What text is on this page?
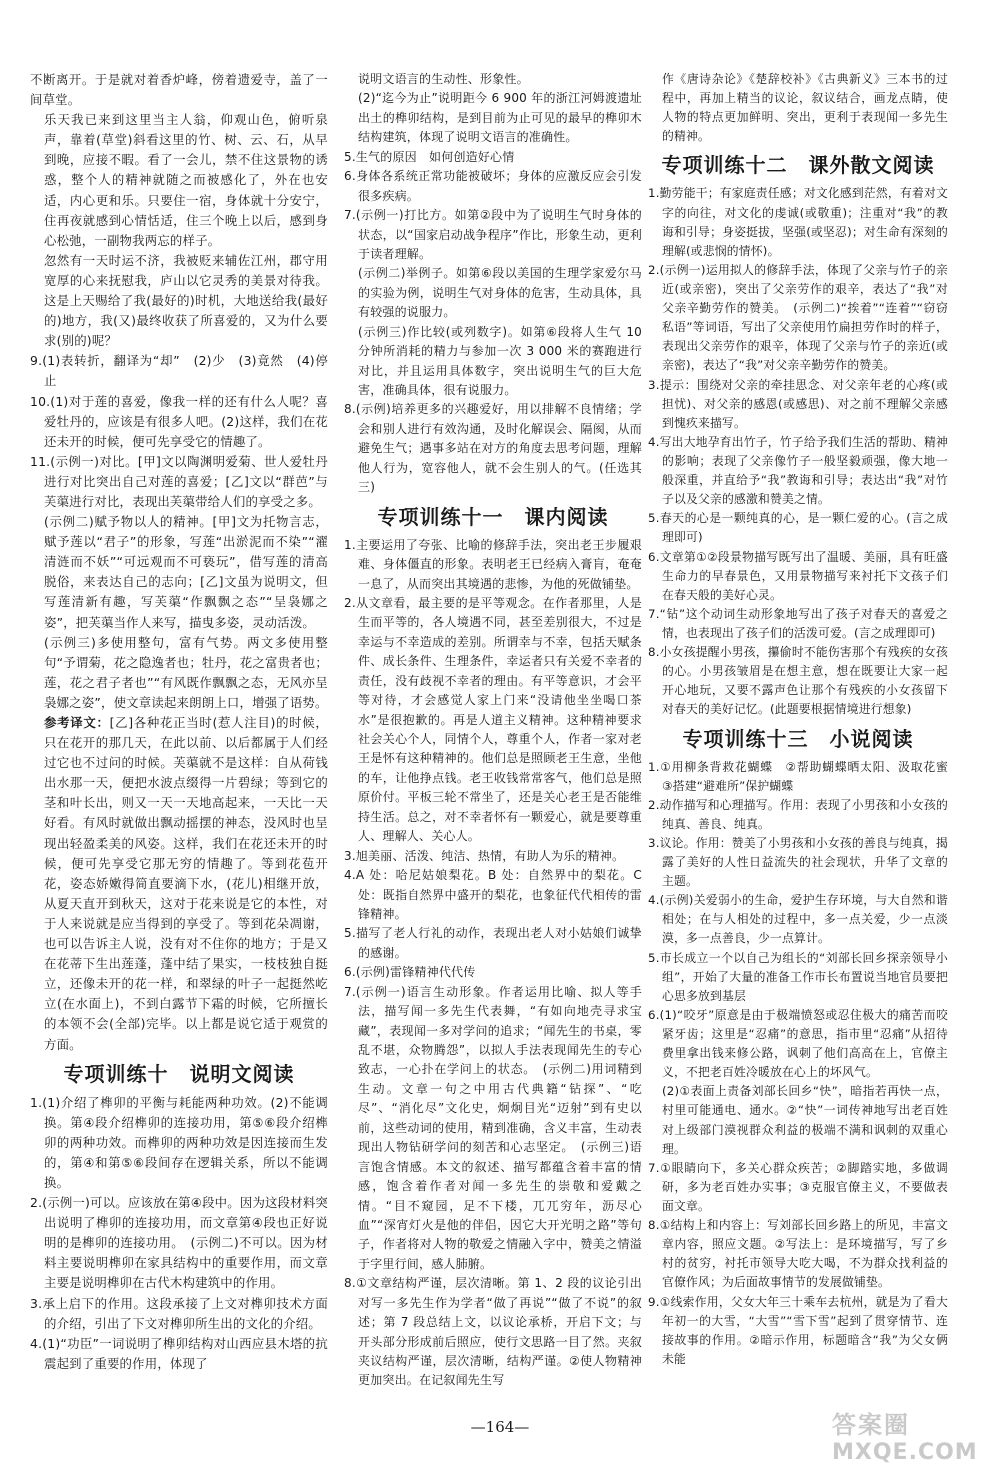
不断离开。于是就对着香炉峰，傍着遗爱寺，盖了一间草堂。

乐天我已来到这里当主人翁，仰观山色，俯听泉声，靠着(草堂)斜看这里的竹、树、云、石，从早到晚，应接不暇。看了一会儿，禁不住这景物的诱惑，整个人的精神就随之而被感化了，外在也安适，内心更和乐。只要住一宿，身体就十分安宁，住再夜就感到心情恬适，住三个晚上以后，感到身心松弛，一副物我两忘的样子。

忽然有一天时运不济，我被贬来辅佐江州，郡守用宽厚的心来抚慰我，庐山以它灵秀的美景对待我。这是上天赐给了我(最好的)时机，大地送给我(最好的)地方，我(又)最终收获了所喜爱的，又为什么要求(别的)呢？

9.(1)表转折，翻译为“却”　(2)少　(3)竟然　(4)停止

10.(1)对于莲的喜爱，像我一样的还有什么人呢？喜爱牡丹的，应该是有很多人吧。(2)这样，我们在花还未开的时候，便可先享受它的情趣了。

11.(示例一)对比。[甲]文以陶渊明爱菊、世人爱牡丹进行对比突出自己对莲的喜爱；[乙]文以“群芭”与芙蕖进行对比，表现出芙蕖带给人们的享受之多。

(示例二)赋予物以人的精神。[甲]文为托物言志，赋予莲以“君子”的形象，写莲“出淤泥而不染”“濯清涟而不妖”“可远观而不可亵玩”，借写莲的清高脱俗，来表达自己的志向；[乙]文虽为说明文，但写莲清新有趣，写芙蕖“作飘飘之态”“呈袅娜之姿”，把芙蕖当作人来写，描曳多姿，灵动活泼。

(示例三)多使用整句，富有气势。两文多使用整句“予谓菊，花之隐逸者也；牡丹，花之富贵者也；莲，花之君子者也”“有风既作飘飘之态，无风亦呈袅娜之姿”，使文章读起来朗朗上口，增强了语势。

参考译文：[乙]各种花正当时(惹人注目)的时候，只在花开的那几天，在此以前、以后都属于人们经过它也不过问的时候。芙蕖就不是这样：自从荷钱出水那一天，便把水波点缀得一片碧绿；等到它的茎和叶长出，则又一天一天地高起来，一天比一天好看。有风时就做出飘动摇摆的神态，没风时也呈现出轻盈柔美的风姿。这样，我们在花还未开的时候，便可先享受它那无穷的情趣了。等到花苞开花，姿态娇嫩得简直要滴下水，(花儿)相继开放，从夏天直开到秋天，这对于花来说是它的本性，对于人来说就是应当得到的享受了。等到花朵凋谢，也可以告诉主人说，没有对不住你的地方；于是又在花蒂下生出莲蓬，蓬中结了果实，一枝枝独自挺立，还像未开的花一样，和翠绿的叶子一起挺然屹立(在水面上)，不到白露节下霜的时候，它所擅长的本领不会(全部)完毕。以上都是说它适于观赏的方面。

专项训练十　说明文阅读

1.(1)介绍了榫卯的平衡与耗能两种功效。(2)不能调换。第④段介绍榫卯的连接功用，第⑤⑥段介绍榫卯的两种功效。而榫卯的两种功效是因连接而生发的，第④和第⑤⑥段间存在逻辑关系，所以不能调换。

2.(示例一)可以。应该放在第④段中。因为这段材料突出说明了榫卯的连接功用，而文章第④段也正好说明的是榫卯的连接功用。　(示例二)不可以。因为材料主要说明榫卯在家具结构中的重要作用，而文章主要是说明榫卯在古代木构建筑中的作用。

3.承上启下的作用。这段承接了上文对榫卯技术方面的介绍，引出了下文对榫卯所生出的文化的介绍。

4.(1)“功臣”一词说明了榫卯结构对山西应县木塔的抗震起到了重要的作用，体现了

说明文语言的生动性、形象性。

(2)“迄今为止”说明距今 6 900 年的浙江河姆渡遗址出土的榫卯结构，是到目前为止可见的最早的榫卯木结构建筑，体现了说明文语言的准确性。

5.生气的原因　如何创造好心情

6.身体各系统正常功能被破坏；身体的应激反应会引发很多疾病。

7.(示例一)打比方。如第②段中为了说明生气时身体的状态，以“国家启动战争程序”作比，形象生动，更利于读者理解。

(示例二)举例子。如第⑥段以美国的生理学家爱尔马的实验为例，说明生气对身体的危害，生动具体，具有较强的说服力。

(示例三)作比较(或列数字)。如第⑥段将人生气 10 分钟所消耗的精力与参加一次 3 000 米的赛跑进行对比，并且运用具体数字，突出说明生气的巨大危害，准确具体，很有说服力。

8.(示例)培养更多的兴趣爱好，用以排解不良情绪；学会和别人进行有效沟通，及时化解误会、隔阂，从而避免生气；遇事多站在对方的角度去思考问题，理解他人行为，宽容他人，就不会生别人的气。(任选其三)

专项训练十一　课内阅读

1.主要运用了夸张、比喻的修辞手法，突出老王步履艰难、身体僵直的形象。表明老王已经病入膏肓，奄奄一息了，从而突出其境遇的悲惨，为他的死做铺垫。

2.从文章看，最主要的是平等观念。在作者那里，人是生而平等的，各人境遇不同，甚至差别很大，不过是幸运与不幸造成的差别。所谓幸与不幸，包括天赋条件、成长条件、生理条件，幸运者只有关爱不幸者的责任，没有歧视不幸者的理由。有平等意识，才会平等对待，才会感觉人家上门来“没请他坐坐喝口茶水”是很抱歉的。再是人道主义精神。这种精神要求社会关心个人，同情个人，尊重个人，作者一家对老王是怀有这种精神的。他们总是照顾老王生意，坐他的车，让他挣点钱。老王收钱常常客气，他们总是照原价付。平板三轮不常坐了，还是关心老王是否能维持生活。总之，对不幸者怀有一颗爱心，就是要尊重人、理解人、关心人。

3.旭美丽、活泼、纯洁、热情，有助人为乐的精神。

4.A 处：哈尼姑娘梨花。B 处：自然界中的梨花。C 处：既指自然界中盛开的梨花，也象征代代相传的雷锋精神。

5.描写了老人行礼的动作，表现出老人对小姑娘们诚挚的感谢。

6.(示例)雷锋精神代代传

7.(示例一)语言生动形象。作者运用比喻、拟人等手法，描写闻一多先生代表舞，“有如向地壳寻求宝藏”，表现闻一多对学问的追求；“闻先生的书桌，零乱不堪，众物腾怨”，以拟人手法表现闻先生的专心致志，一心扑在学问上的状态。　(示例二)用词精到生动。文章一句之中用古代典籍“钻探”、“吃尽”、“消化尽”文化史，炯炯目光“迈射”到有史以前，这些动词的使用，精到准确，含义丰富，生动表现出人物钻研学问的刻苦和心志坚定。　(示例三)语言饱含情感。本文的叙述、描写都蕴含着丰富的情感，饱含着作者对闻一多先生的崇敬和爱戴之情。“目不窥园，足不下楼，兀兀穷年，沥尽心血”“深宵灯火是他的伴侣，因它大开光明之路”等句子，作者将对人物的敬爱之情融入字中，赞美之情溢于字里行间，感人肺腑。

8.①文章结构严谨，层次清晰。第 1、2 段的议论引出对写一多先生作为学者“做了再说”“做了不说”的叙述；第 7 段总结上文，以议论承桥，开启下文；与开头部分形成前后照应，使行文思路一目了然。夹叙夹议结构严谨，层次清晰，结构严谨。②使人物精神更加突出。在记叙闻先生写

作《唐诗杂论》《楚辞校补》《古典新义》三本书的过程中，再加上精当的议论，叙议结合，画龙点睛，使人物的特点更加鲜明、突出，更利于表现闻一多先生的精神。

专项训练十二　课外散文阅读

1.勤劳能干；有家庭责任感；对文化感到茫然，有着对文字的向往，对文化的虔诚(或敬重)；注重对“我”的教诲和引导；身姿挺拔，坚强(或坚忍)；对生命有深刻的理解(或悲悯的情怀)。

2.(示例一)运用拟人的修辞手法，体现了父亲与竹子的亲近(或亲密)，突出了父亲劳作的艰辛，表达了“我”对父亲辛勤劳作的赞美。　(示例二)“挨着”“连着”“窃窃私语”等词语，写出了父亲使用竹扁担劳作时的样子，表现出父亲劳作的艰辛，体现了父亲与竹子的亲近(或亲密)，表达了“我”对父亲辛勤劳作的赞美。

3.提示：围绕对父亲的牵挂思念、对父亲年老的心疼(或担忧)、对父亲的感恩(或感思)、对之前不理解父亲感到愧疚来描写。

4.写出大地孕育出竹子，竹子给予我们生活的帮助、精神的影响；表现了父亲像竹子一般坚毅顽强，像大地一般深重，并直给予“我”教诲和引导；表达出“我”对竹子以及父亲的感激和赞美之情。

5.春天的心是一颗纯真的心，是一颗仁爱的心。(言之成理即可)

6.文章第①②段景物描写既写出了温暖、美丽，具有旺盛生命力的早春景色，又用景物描写来衬托下文孩子们在春天般的美好心灵。

7.“钻”这个动词生动形象地写出了孩子对春天的喜爱之情，也表现出了孩子们的活泼可爱。(言之成理即可)

8.小女孩提醒小男孩，攥偷时不能伤害那个有残疾的女孩的心。小男孩皱眉是在想主意，想在既要让大家一起开心地玩，又要不露声色让那个有残疾的小女孩留下对春天的美好记忆。(此题要根据情境进行想象)

专项训练十三　小说阅读

1.①用柳条背救花蝴蝶　②帮助蝴蝶晒太阳、汲取花蜜　③搭建“避难所”保护蝴蝶

2.动作描写和心理描写。作用：表现了小男孩和小女孩的纯真、善良、纯真。

3.议论。作用：赞美了小男孩和小女孩的善良与纯真，揭露了美好的人性日益流失的社会现状，升华了文章的主题。

4.(示例)关爱弱小的生命，爱护生存环境，与大自然和谐相处；在与人相处的过程中，多一点关爱，少一点淡漠，多一点善良，少一点算计。

5.市长成立一个以自己为组长的“刘部长回乡探亲领导小组”，开始了大量的准备工作市长布置说当地官员要把心思多放到基层

6.(1)“咬牙”原意是由于极端愤怒或忍住极大的痛苦而咬紧牙齿；这里是“忍痛”的意思，指市里“忍痛”从招待费里拿出钱来修公路，讽刺了他们高高在上，官僚主义，不把老百姓冷暖放在心上的坏风气。

(2)①表面上责备刘部长回乡“快”，暗指若再快一点，村里可能通电、通水。②“快”一词传神地写出老百姓对上级部门漠视群众利益的极端不满和讽刺的双重心理。

7.①眼睛向下，多关心群众疾苦；②脚踏实地，多做调研，多为老百姓办实事；③克服官僚主义，不要做表面文章。

8.①结构上和内容上：写刘部长回乡路上的所见，丰富文章内容，照应文题。②写法上：是环境描写，写了乡村的贫穷，衬托市领导大吃大喝，不为群众找利益的官僚作风；为后面故事情节的发展做铺垫。

9.①线索作用，父女大年三十乘车去杭州，就是为了看大年初一的大雪，“大雪”“雪下雪”起到了贯穿情节、连接故事的作用。②暗示作用，标题暗含“我”为父女俩未能

—164—	答案圈
MXQE.COM
